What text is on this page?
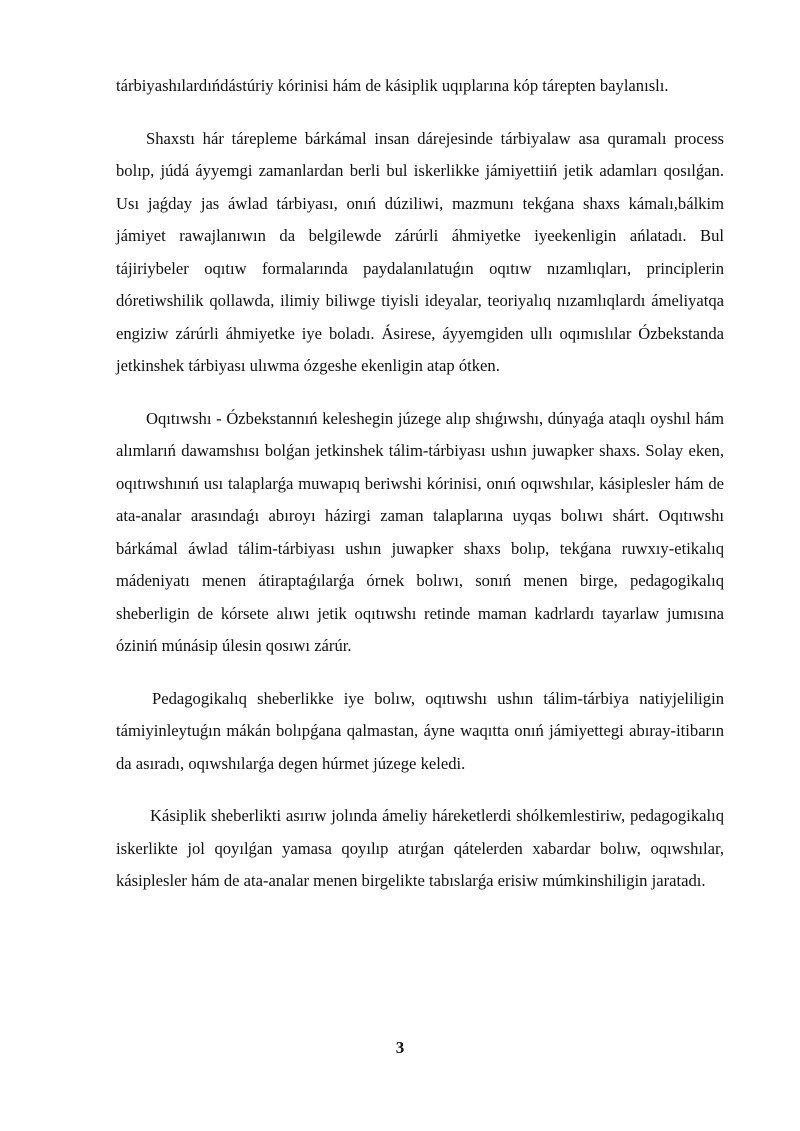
tárbiyashılardıńdástúriy kórinisi hám de kásiplik uqıplarına kóp tárepten baylanıslı.

Shaxstı hár tárepleme bárkámal insan dárejesinde tárbiyalaw asa quramalı process bolıp, júdá áyyemgi zamanlardan berli bul iskerlikke jámiyettiiń jetik adamları qosılǵan. Usı jaǵday jas áwlad tárbiyası, onıń dúziliwi, mazmunı tekǵana shaxs kámalı,bálkim jámiyet rawajlanıwın da belgilewde zárúrli áhmiyetke iyeekenligin ańlatadı. Bul tájiriybeler oqıtıw formalarında paydalanılatuǵın oqıtıw nızamlıqları, principlerin dóretiwshilik qollawda, ilimiy biliwge tiyisli ideyalar, teoriyalıq nızamlıqlardı ámeliyatqa engiziw zárúrli áhmiyetke iye boladı. Ásirese, áyyemgiden ullı oqımıslılar Ózbekstanda jetkinshek tárbiyası ulıwma ózgeshe ekenligin atap ótken.

Oqıtıwshı - Ózbekstannıń keleshegin júzege alıp shıǵıwshı, dúnyaǵa ataqlı oyshıl hám alımlarıń dawamshısı bolǵan jetkinshek tálim-tárbiyası ushın juwapker shaxs. Solay eken, oqıtıwshınıń usı talaplarǵa muwapıq beriwshi kórinisi, onıń oqıwshılar, kásiplesler hám de ata-analar arasındaǵı abıroyı házirgi zaman talaplarına uyqas bolıwı shárt. Oqıtıwshı bárkámal áwlad tálim-tárbiyası ushın juwapker shaxs bolıp, tekǵana ruwxıy-etikalıq mádeniyatı menen átiraptaǵılarǵa órnek bolıwı, sonıń menen birge, pedagogikalıq sheberligin de kórsete alıwı jetik oqıtıwshı retinde maman kadrlardı tayarlaw jumısına óziniń múnásip úlesin qosıwı zárúr.

Pedagogikalıq sheberlikke iye bolıw, oqıtıwshı ushın tálim-tárbiya natiyjeliligin támiyinleytuǵın mákán bolıpǵana qalmastan, áyne waqıtta onıń jámiyettegi abıray-itibarın da asıradı, oqıwshılarǵa degen húrmet júzege keledi.

Kásiplik sheberlikti asırıw jolında ámeliy háreketlerdi shólkemlestiriw, pedagogikalıq iskerlikte jol qoyılǵan yamasa qoyılıp atırǵan qátelerden xabardar bolıw, oqıwshılar, kásiplesler hám de ata-analar menen birgelikte tabıslarǵa erisiw múmkinshiligin jaratadı.

3
